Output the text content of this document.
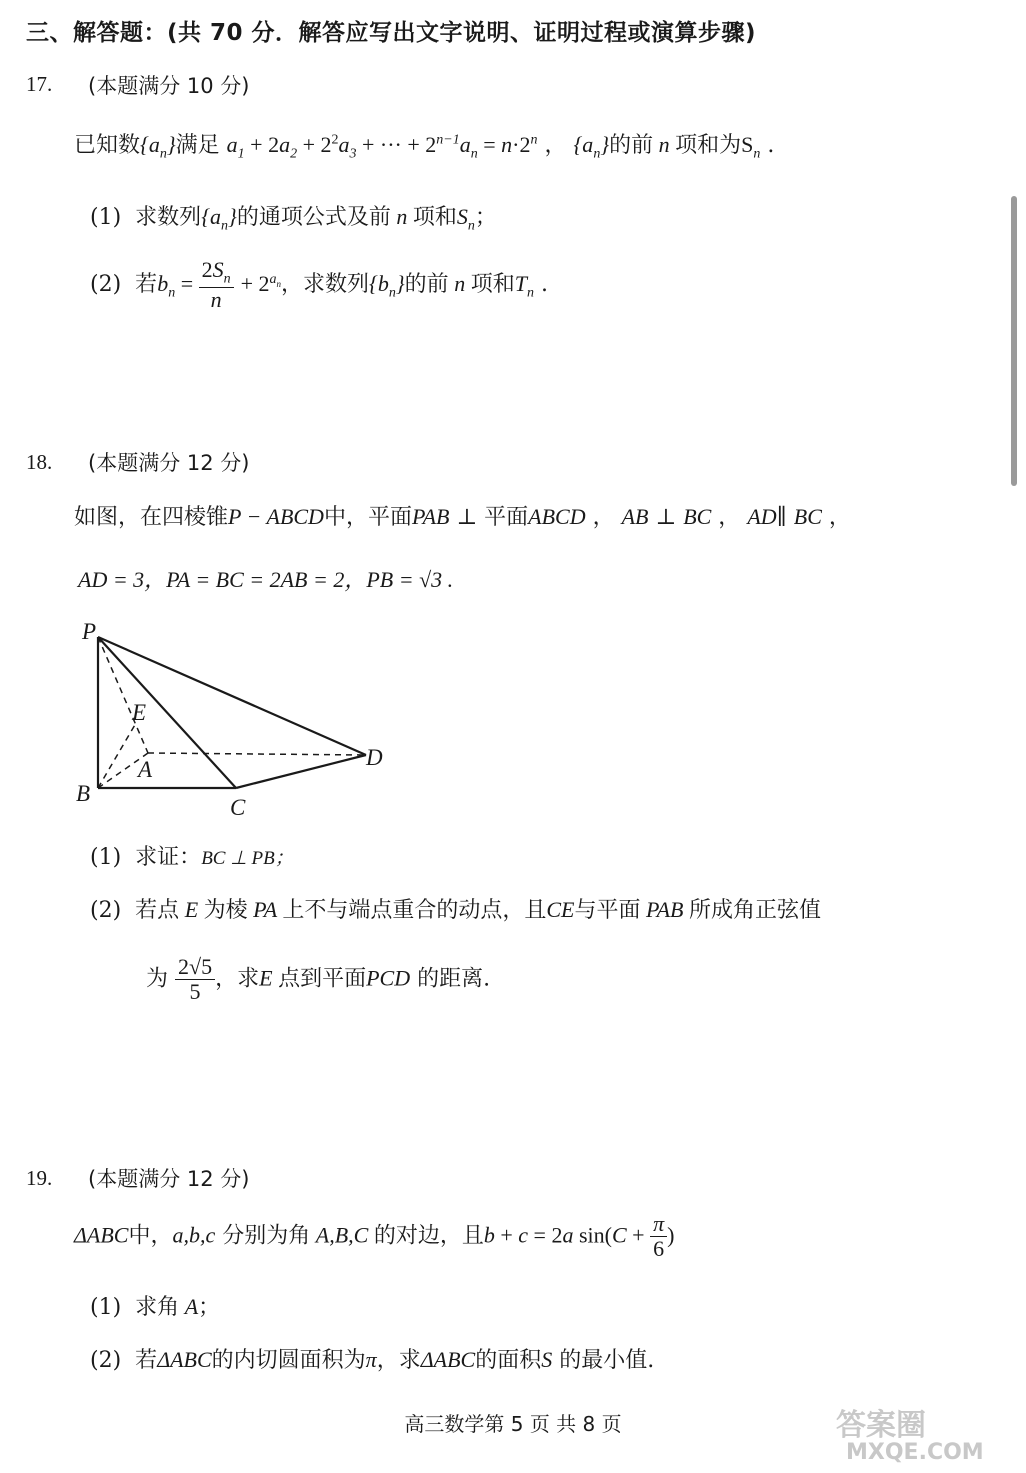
三、解答题：(共 70 分．解答应写出文字说明、证明过程或演算步骤)
17. (本题满分 10 分)
已知数$\{a_n\}$满足 $a_1 + 2a_2 + 2^2a_3$ + ··· + $2^{n-1}a_n = n\cdot 2^n$ ， $\{a_n\}$的前 n 项和为$S_n$ .
(1) 求数列$\{a_n\}$的通项公式及前 n 项和$S_n$；
(2) 若$b_n = \frac{2S_n}{n} + 2^{a_n}$，求数列$\{b_n\}$的前 n 项和$T_n$ .
18. (本题满分 12 分)
如图，在四棱锥P − ABCD中，平面PAB ⊥ 平面ABCD ， AB ⊥ BC ， AD∥ BC ，
AD = 3，PA = BC = 2AB = 2，PB = √3 .
P
E
A	D
B
C
(1) 求证：BC ⊥ PB；
(2) 若点 E 为棱 PA 上不与端点重合的动点，且CE与平面 PAB 所成角正弦值
为 $\frac{2√5}{5}$ ，求E 点到平面PCD 的距离.
19. (本题满分 12 分)
ΔABC中，a,b,c 分别为角 A,B,C 的对边，且b + c = 2a $\sin(C + \frac{\pi}{6}$ )
(1) 求角 A；
(2) 若ΔABC的内切圆面积为π，求ΔABC的面积S 的最小值.
高三数学第 5 页 共 8 页	答案圈
MXQE.COM
